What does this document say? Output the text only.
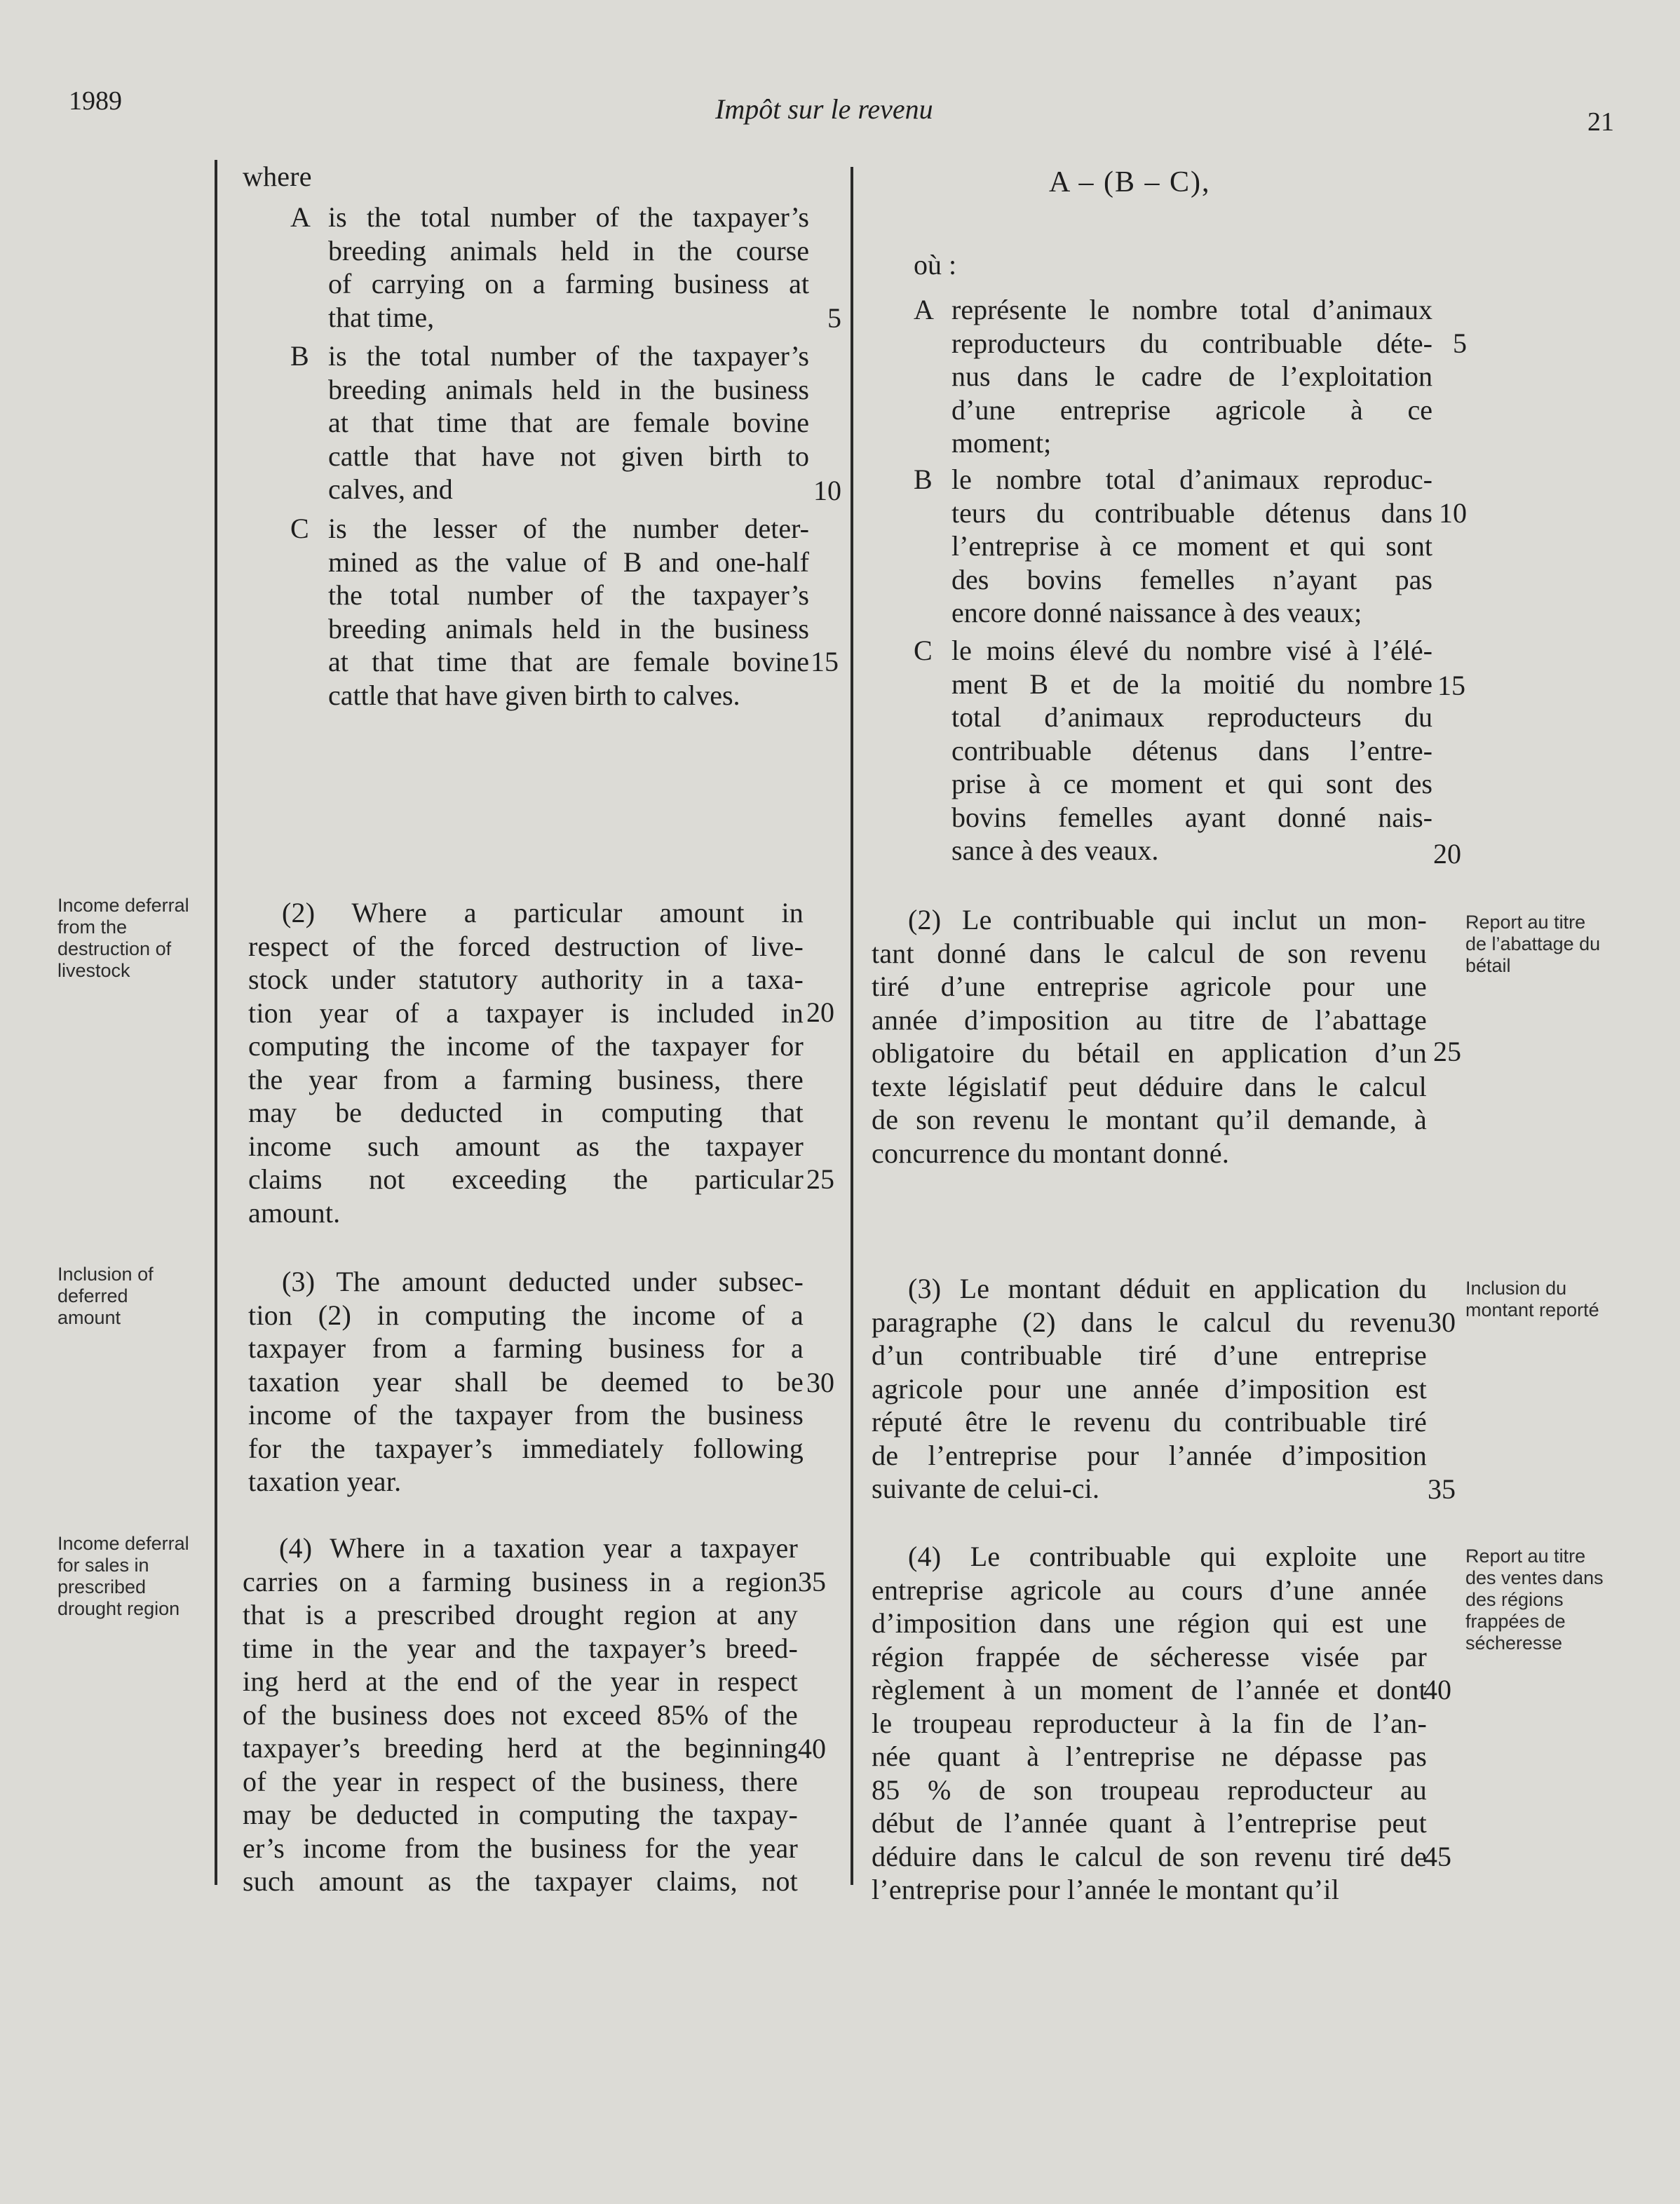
1989	Impôt sur le revenu	21
where
A is the total number of the taxpayer’s
breeding animals held in the course
of carrying on a farming business at
that time,
B is the total number of the taxpayer’s
breeding animals held in the business
at that time that are female bovine
cattle that have not given birth to
calves, and
C is the lesser of the number deter-
mined as the value of B and one-half
the total number of the taxpayer’s
breeding animals held in the business
at that time that are female bovine
cattle that have given birth to calves.
(2) Where a particular amount in
respect of the forced destruction of live-
stock under statutory authority in a taxa-
tion year of a taxpayer is included in
computing the income of the taxpayer for
the year from a farming business, there
may be deducted in computing that
income such amount as the taxpayer
claims not exceeding the particular
amount.
(3) The amount deducted under subsec-
tion (2) in computing the income of a
taxpayer from a farming business for a
taxation year shall be deemed to be
income of the taxpayer from the business
for the taxpayer’s immediately following
taxation year.
(4) Where in a taxation year a taxpayer
carries on a farming business in a region
that is a prescribed drought region at any
time in the year and the taxpayer’s breed-
ing herd at the end of the year in respect
of the business does not exceed 85% of the
taxpayer’s breeding herd at the beginning
of the year in respect of the business, there
may be deducted in computing the taxpay-
er’s income from the business for the year
such amount as the taxpayer claims, not
5
10
15
20
25
30
35
40
A – (B – C),
où :
A représente le nombre total d’animaux
reproducteurs du contribuable déte-
nus dans le cadre de l’exploitation
d’une entreprise agricole à ce
moment;
B le nombre total d’animaux reproduc-
teurs du contribuable détenus dans
l’entreprise à ce moment et qui sont
des bovins femelles n’ayant pas
encore donné naissance à des veaux;
C le moins élevé du nombre visé à l’élé-
ment B et de la moitié du nombre
total d’animaux reproducteurs du
contribuable détenus dans l’entre-
prise à ce moment et qui sont des
bovins femelles ayant donné nais-
sance à des veaux.
(2) Le contribuable qui inclut un mon-
tant donné dans le calcul de son revenu
tiré d’une entreprise agricole pour une
année d’imposition au titre de l’abattage
obligatoire du bétail en application d’un
texte législatif peut déduire dans le calcul
de son revenu le montant qu’il demande, à
concurrence du montant donné.
(3) Le montant déduit en application du
paragraphe (2) dans le calcul du revenu
d’un contribuable tiré d’une entreprise
agricole pour une année d’imposition est
réputé être le revenu du contribuable tiré
de l’entreprise pour l’année d’imposition
suivante de celui-ci.
(4) Le contribuable qui exploite une
entreprise agricole au cours d’une année
d’imposition dans une région qui est une
région frappée de sécheresse visée par
règlement à un moment de l’année et dont
le troupeau reproducteur à la fin de l’an-
née quant à l’entreprise ne dépasse pas
85 % de son troupeau reproducteur au
début de l’année quant à l’entreprise peut
déduire dans le calcul de son revenu tiré de
l’entreprise pour l’année le montant qu’il
5
10
15
20
25
30
35
40
45
Income deferral
from the
destruction of
livestock
Inclusion of
deferred
amount
Income deferral
for sales in
prescribed
drought region
Report au titre
de l’abattage du
bétail
Inclusion du
montant reporté
Report au titre
des ventes dans
des régions
frappées de
sécheresse
